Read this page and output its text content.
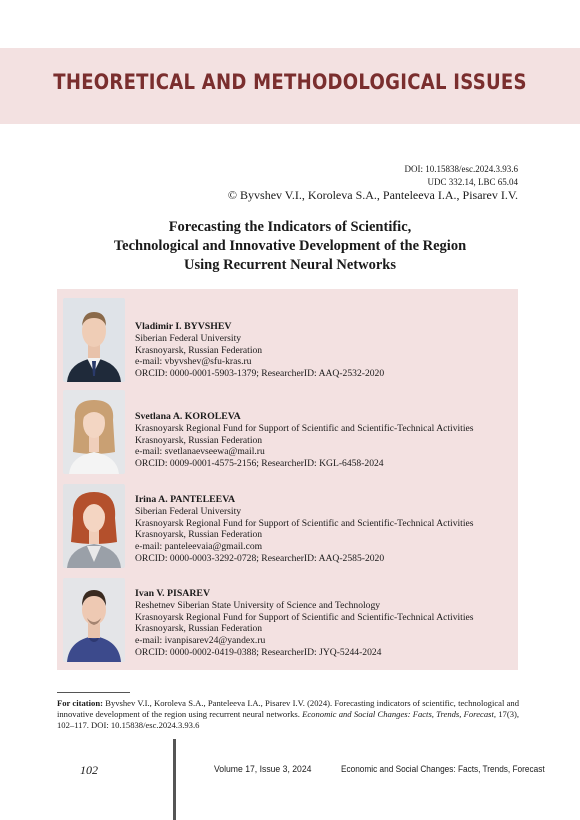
THEORETICAL AND METHODOLOGICAL ISSUES
DOI: 10.15838/esc.2024.3.93.6
UDC 332.14, LBC 65.04
© Byvshev V.I., Koroleva S.A., Panteleeva I.A., Pisarev I.V.
Forecasting the Indicators of Scientific,
Technological and Innovative Development of the Region
Using Recurrent Neural Networks
Vladimir I. BYVSHEV
Siberian Federal University
Krasnoyarsk, Russian Federation
e-mail: vbyvshev@sfu-kras.ru
ORCID: 0000-0001-5903-1379; ResearcherID: AAQ-2532-2020
Svetlana A. KOROLEVA
Krasnoyarsk Regional Fund for Support of Scientific and Scientific-Technical Activities
Krasnoyarsk, Russian Federation
e-mail: svetlanaevseewa@mail.ru
ORCID: 0009-0001-4575-2156; ResearcherID: KGL-6458-2024
Irina A. PANTELEEVA
Siberian Federal University
Krasnoyarsk Regional Fund for Support of Scientific and Scientific-Technical Activities
Krasnoyarsk, Russian Federation
e-mail: panteleevaia@gmail.com
ORCID: 0000-0003-3292-0728; ResearcherID: AAQ-2585-2020
Ivan V. PISAREV
Reshetnev Siberian State University of Science and Technology
Krasnoyarsk Regional Fund for Support of Scientific and Scientific-Technical Activities
Krasnoyarsk, Russian Federation
e-mail: ivanpisarev24@yandex.ru
ORCID: 0000-0002-0419-0388; ResearcherID: JYQ-5244-2024
For citation: Byvshev V.I., Koroleva S.A., Panteleeva I.A., Pisarev I.V. (2024). Forecasting indicators of scientific, technological and innovative development of the region using recurrent neural networks. Economic and Social Changes: Facts, Trends, Forecast, 17(3), 102–117. DOI: 10.15838/esc.2024.3.93.6
102	Volume 17, Issue 3, 2024	Economic and Social Changes: Facts, Trends, Forecast
